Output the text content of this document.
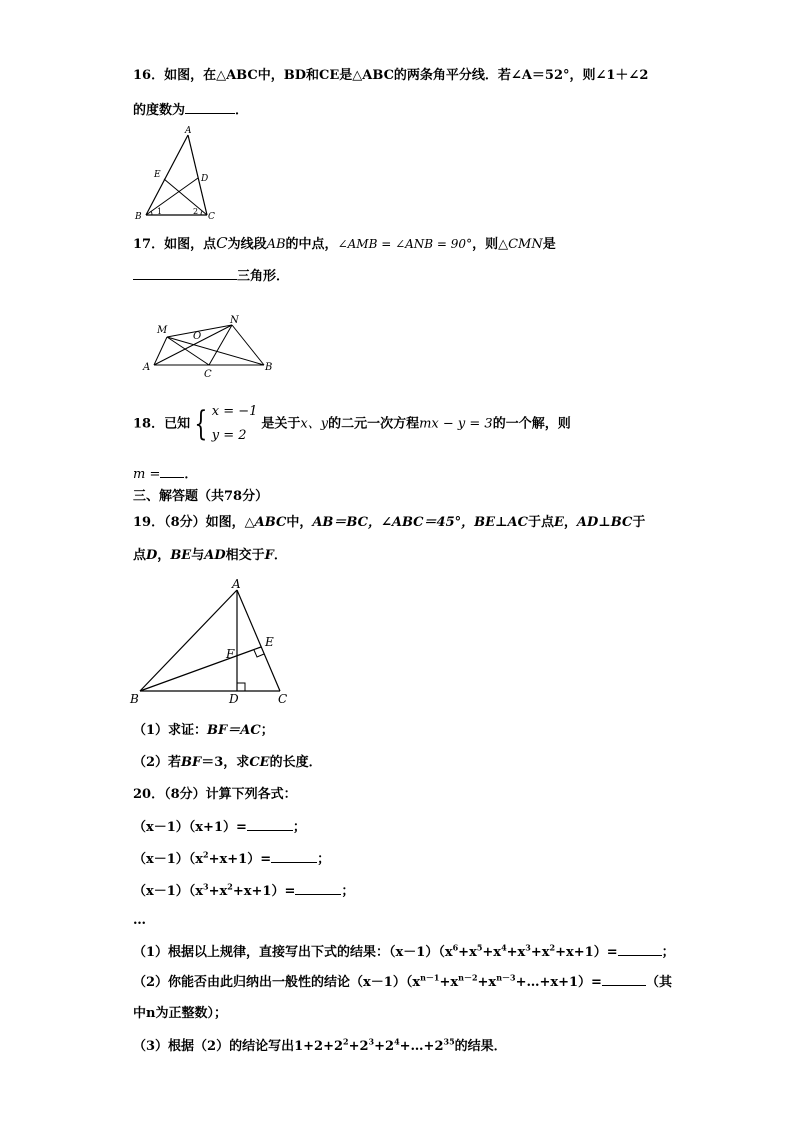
16．如图，在△ABC中，BD和CE是△ABC的两条角平分线．若∠A＝52°，则∠1＋∠2
的度数为	．
A
B	C
D
E
1	2
17．如图，点C为线段AB的中点，∠AMB = ∠ANB = 90°，则△CMN是
三角形．
M
N
O
A	B
C
18．已知 { x = −1
y = 2
是关于x、y的二元一次方程mx − y = 3的一个解，则
m = ．
三、解答题（共78分）
19．（8分）如图，△ABC中，AB＝BC，∠ABC＝45°，BE⊥AC于点E，AD⊥BC于
点D，BE与AD相交于F．
A
B	C
D
E
F
（1）求证：BF＝AC；
（2）若BF＝3，求CE的长度．
20．（8分）计算下列各式：
（x－1）（x+1）=	；
$(x-1)(x^2+x+1)=$	；
$(x-1)(x^3+x^2+x+1)=$	；
…
（1）根据以上规律，直接写出下式的结果：$(x-1)(x^6+x^5+x^4+x^3+x^2+x+1)=$	；
（2）你能否由此归纳出一般性的结论$(x-1)(x^{n-1}+x^{n-2}+x^{n-3}+\dots+x+1)=$	（其
中n为正整数）；
（3）根据（2）的结论写出$1+2+2^2+2^3+2^4+\dots+2^{35}$的结果．
